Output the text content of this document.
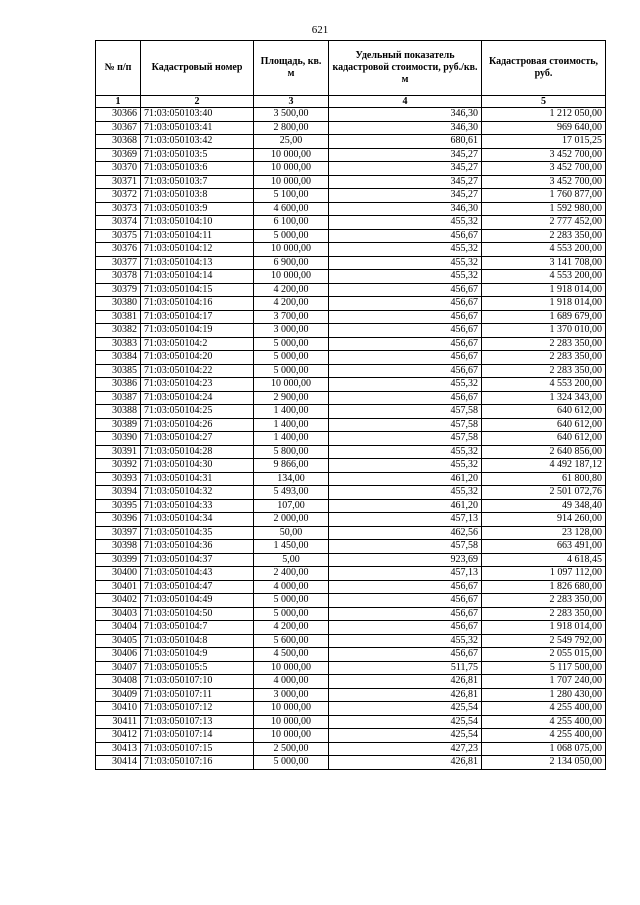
621
№ п/п	Кадастровый номер	Площадь, кв. м	Удельный показатель кадастровой стоимости, руб./кв. м	Кадастровая стоимость, руб.
1	2	3	4	5
30366	71:03:050103:40	3 500,00	346,30	1 212 050,00
30367	71:03:050103:41	2 800,00	346,30	969 640,00
30368	71:03:050103:42	25,00	680,61	17 015,25
30369	71:03:050103:5	10 000,00	345,27	3 452 700,00
30370	71:03:050103:6	10 000,00	345,27	3 452 700,00
30371	71:03:050103:7	10 000,00	345,27	3 452 700,00
30372	71:03:050103:8	5 100,00	345,27	1 760 877,00
30373	71:03:050103:9	4 600,00	346,30	1 592 980,00
30374	71:03:050104:10	6 100,00	455,32	2 777 452,00
30375	71:03:050104:11	5 000,00	456,67	2 283 350,00
30376	71:03:050104:12	10 000,00	455,32	4 553 200,00
30377	71:03:050104:13	6 900,00	455,32	3 141 708,00
30378	71:03:050104:14	10 000,00	455,32	4 553 200,00
30379	71:03:050104:15	4 200,00	456,67	1 918 014,00
30380	71:03:050104:16	4 200,00	456,67	1 918 014,00
30381	71:03:050104:17	3 700,00	456,67	1 689 679,00
30382	71:03:050104:19	3 000,00	456,67	1 370 010,00
30383	71:03:050104:2	5 000,00	456,67	2 283 350,00
30384	71:03:050104:20	5 000,00	456,67	2 283 350,00
30385	71:03:050104:22	5 000,00	456,67	2 283 350,00
30386	71:03:050104:23	10 000,00	455,32	4 553 200,00
30387	71:03:050104:24	2 900,00	456,67	1 324 343,00
30388	71:03:050104:25	1 400,00	457,58	640 612,00
30389	71:03:050104:26	1 400,00	457,58	640 612,00
30390	71:03:050104:27	1 400,00	457,58	640 612,00
30391	71:03:050104:28	5 800,00	455,32	2 640 856,00
30392	71:03:050104:30	9 866,00	455,32	4 492 187,12
30393	71:03:050104:31	134,00	461,20	61 800,80
30394	71:03:050104:32	5 493,00	455,32	2 501 072,76
30395	71:03:050104:33	107,00	461,20	49 348,40
30396	71:03:050104:34	2 000,00	457,13	914 260,00
30397	71:03:050104:35	50,00	462,56	23 128,00
30398	71:03:050104:36	1 450,00	457,58	663 491,00
30399	71:03:050104:37	5,00	923,69	4 618,45
30400	71:03:050104:43	2 400,00	457,13	1 097 112,00
30401	71:03:050104:47	4 000,00	456,67	1 826 680,00
30402	71:03:050104:49	5 000,00	456,67	2 283 350,00
30403	71:03:050104:50	5 000,00	456,67	2 283 350,00
30404	71:03:050104:7	4 200,00	456,67	1 918 014,00
30405	71:03:050104:8	5 600,00	455,32	2 549 792,00
30406	71:03:050104:9	4 500,00	456,67	2 055 015,00
30407	71:03:050105:5	10 000,00	511,75	5 117 500,00
30408	71:03:050107:10	4 000,00	426,81	1 707 240,00
30409	71:03:050107:11	3 000,00	426,81	1 280 430,00
30410	71:03:050107:12	10 000,00	425,54	4 255 400,00
30411	71:03:050107:13	10 000,00	425,54	4 255 400,00
30412	71:03:050107:14	10 000,00	425,54	4 255 400,00
30413	71:03:050107:15	2 500,00	427,23	1 068 075,00
30414	71:03:050107:16	5 000,00	426,81	2 134 050,00
